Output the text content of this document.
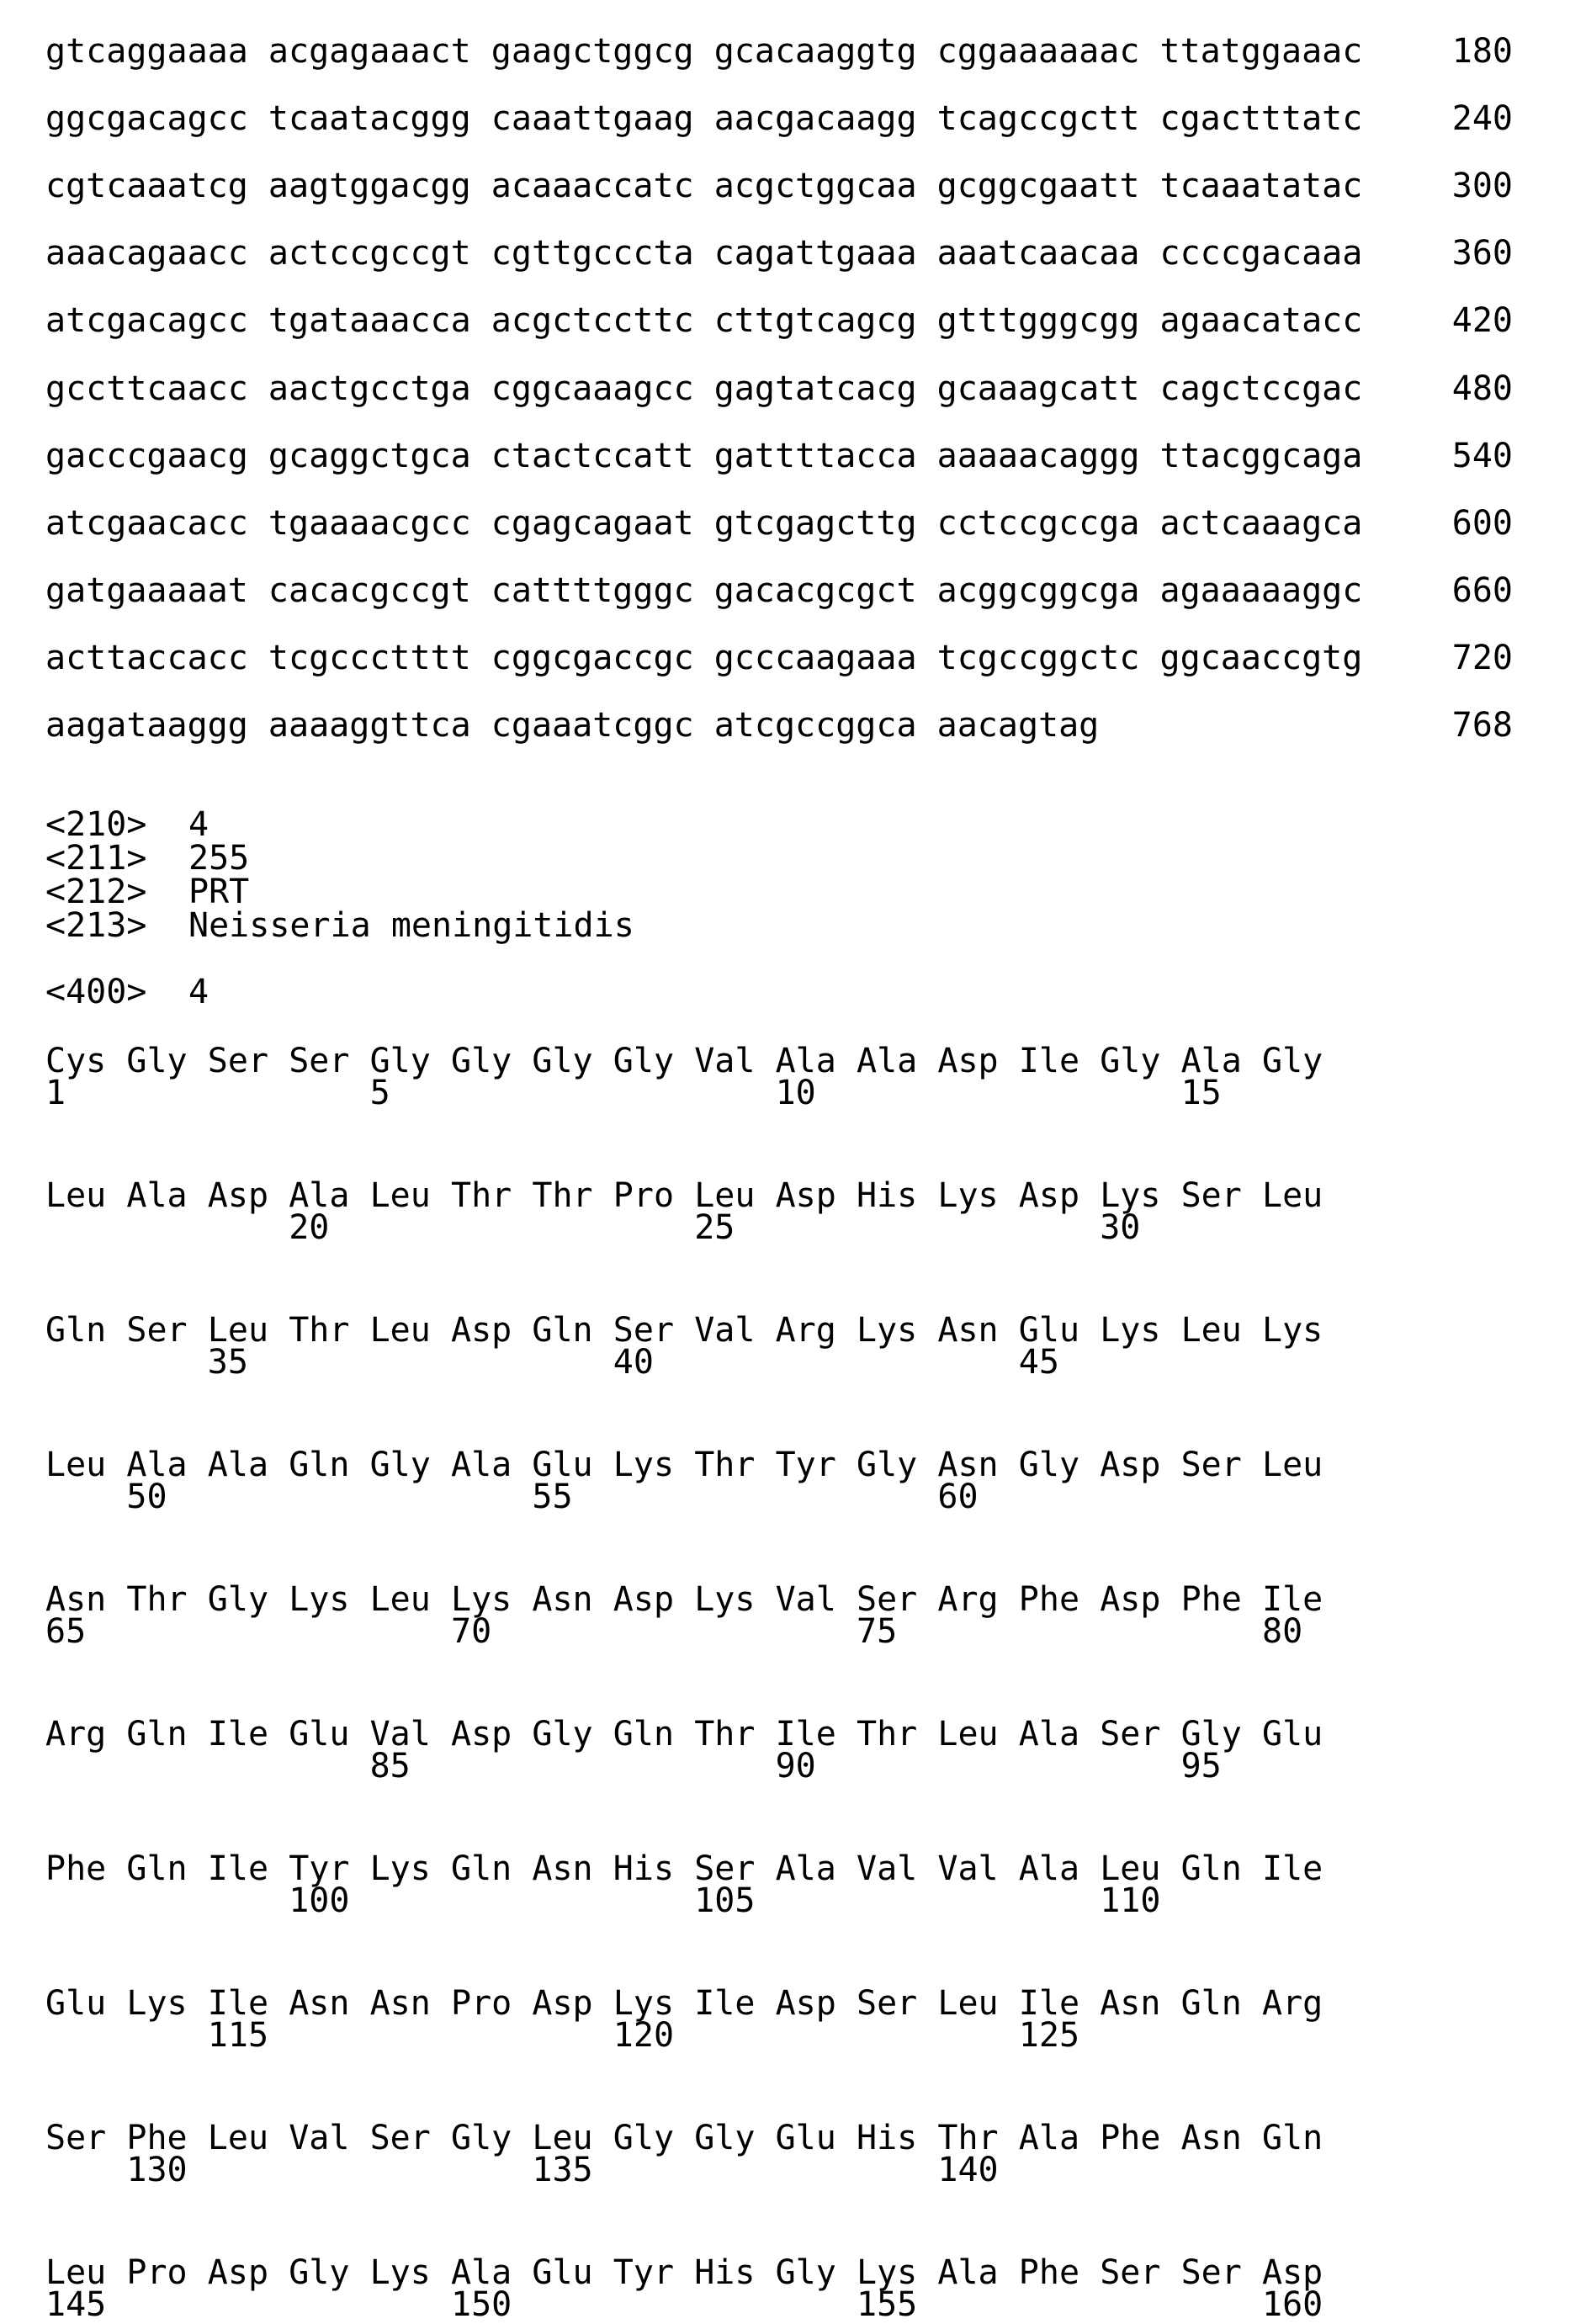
gtcaggaaaa acgagaaact gaagctggcg gcacaaggtg cggaaaaaac ttatggaaac	180
ggcgacagcc tcaatacggg caaattgaag aacgacaagg tcagccgctt cgactttatc	240
cgtcaaatcg aagtggacgg acaaaccatc acgctggcaa gcggcgaatt tcaaatatac	300
aaacagaacc actccgccgt cgttgcccta cagattgaaa aaatcaacaa ccccgacaaa	360
atcgacagcc tgataaacca acgctccttc cttgtcagcg gtttgggcgg agaacatacc	420
gccttcaacc aactgcctga cggcaaagcc gagtatcacg gcaaagcatt cagctccgac	480
gacccgaacg gcaggctgca ctactccatt gattttacca aaaaacaggg ttacggcaga	540
atcgaacacc tgaaaacgcc cgagcagaat gtcgagcttg cctccgccga actcaaagca	600
gatgaaaaat cacacgccgt cattttgggc gacacgcgct acggcggcga agaaaaaggc	660
acttaccacc tcgccctttt cggcgaccgc gcccaagaaa tcgccggctc ggcaaccgtg	720
aagataaggg aaaaggttca cgaaatcggc atcgccggca aacagtag	768
<210> 4
<211> 255
<212> PRT
<213> Neisseria meningitidis
<400> 4
Cys Gly Ser Ser Gly Gly Gly Gly Val Ala Ala Asp Ile Gly Ala Gly
1	5	10	15
Leu Ala Asp Ala Leu Thr Thr Pro Leu Asp His Lys Asp Lys Ser Leu
20	25	30
Gln Ser Leu Thr Leu Asp Gln Ser Val Arg Lys Asn Glu Lys Leu Lys
35	40	45
Leu Ala Ala Gln Gly Ala Glu Lys Thr Tyr Gly Asn Gly Asp Ser Leu
50	55	60
Asn Thr Gly Lys Leu Lys Asn Asp Lys Val Ser Arg Phe Asp Phe Ile
65	70	75	80
Arg Gln Ile Glu Val Asp Gly Gln Thr Ile Thr Leu Ala Ser Gly Glu
85	90	95
Phe Gln Ile Tyr Lys Gln Asn His Ser Ala Val Val Ala Leu Gln Ile
100	105	110
Glu Lys Ile Asn Asn Pro Asp Lys Ile Asp Ser Leu Ile Asn Gln Arg
115	120	125
Ser Phe Leu Val Ser Gly Leu Gly Gly Glu His Thr Ala Phe Asn Gln
130	135	140
Leu Pro Asp Gly Lys Ala Glu Tyr His Gly Lys Ala Phe Ser Ser Asp
145	150	155	160
